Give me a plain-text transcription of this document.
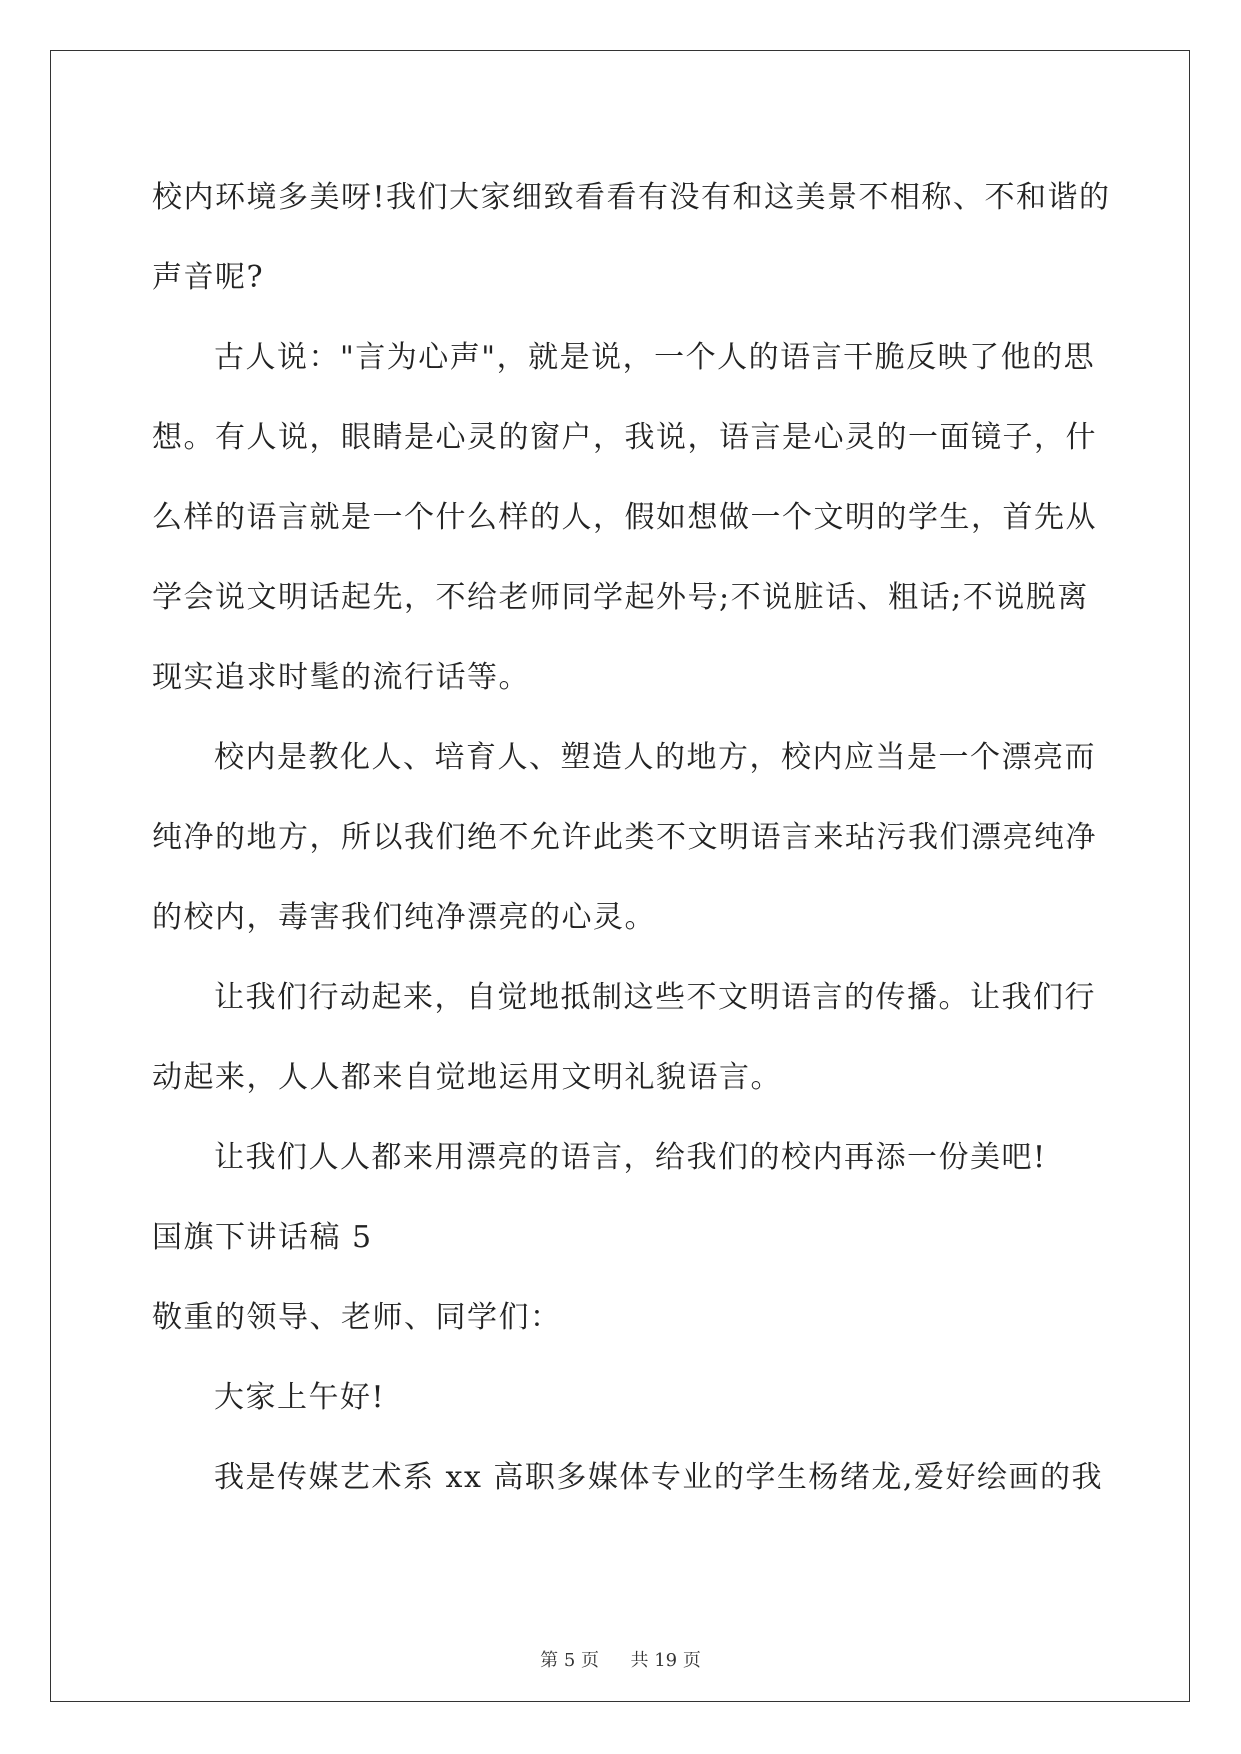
校内环境多美呀!我们大家细致看看有没有和这美景不相称、不和谐的

声音呢?

古人说："言为心声"，就是说，一个人的语言干脆反映了他的思

想。有人说，眼睛是心灵的窗户，我说，语言是心灵的一面镜子，什

么样的语言就是一个什么样的人，假如想做一个文明的学生，首先从

学会说文明话起先，不给老师同学起外号;不说脏话、粗话;不说脱离

现实追求时髦的流行话等。

校内是教化人、培育人、塑造人的地方，校内应当是一个漂亮而

纯净的地方，所以我们绝不允许此类不文明语言来玷污我们漂亮纯净

的校内，毒害我们纯净漂亮的心灵。

让我们行动起来，自觉地抵制这些不文明语言的传播。让我们行

动起来，人人都来自觉地运用文明礼貌语言。

让我们人人都来用漂亮的语言，给我们的校内再添一份美吧!

国旗下讲话稿 5

敬重的领导、老师、同学们：

大家上午好!

我是传媒艺术系 xx 高职多媒体专业的学生杨绪龙,爱好绘画的我

第 5 页 共 19 页
